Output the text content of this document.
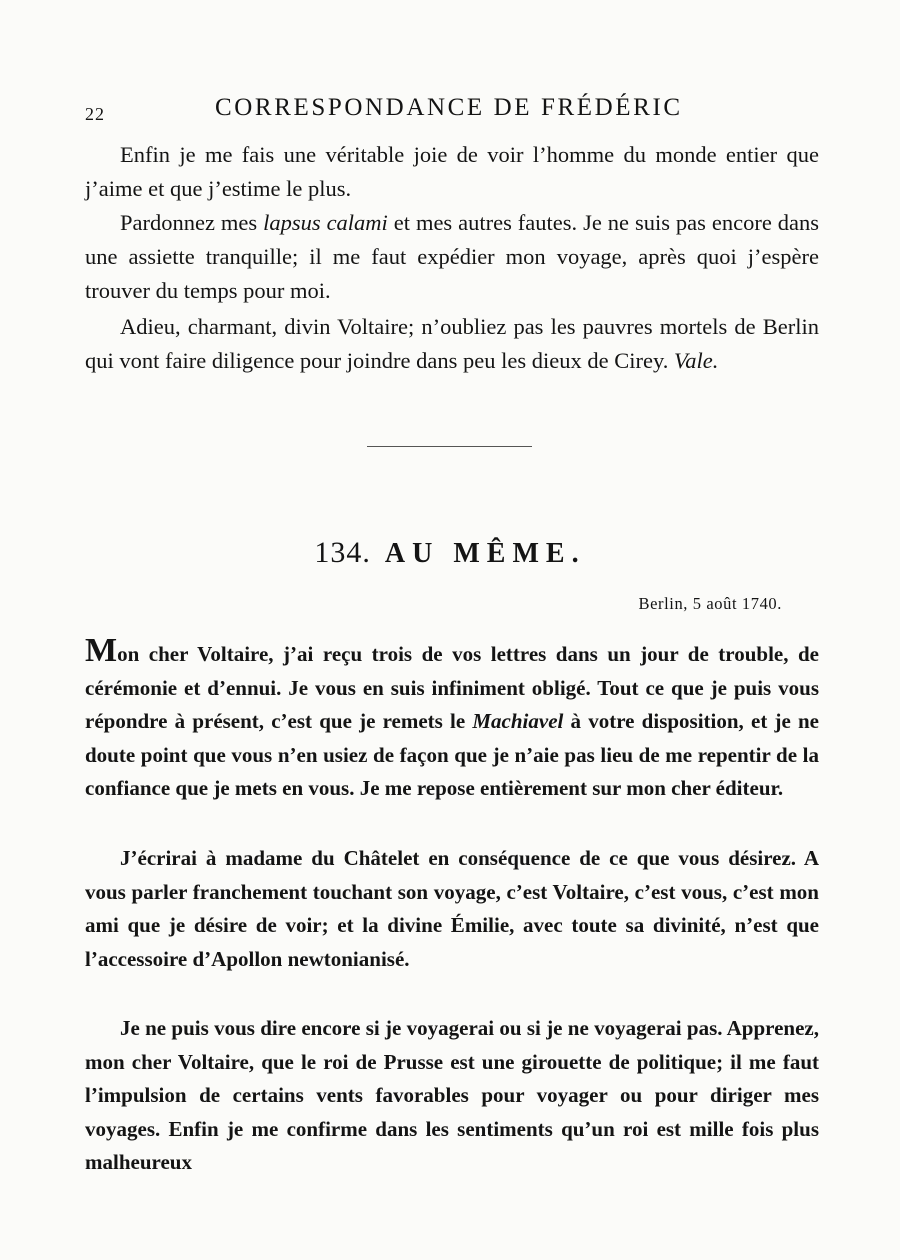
22	CORRESPONDANCE DE FRÉDÉRIC

Enfin je me fais une véritable joie de voir l’homme du monde entier que j’aime et que j’estime le plus.

Pardonnez mes lapsus calami et mes autres fautes. Je ne suis pas encore dans une assiette tranquille; il me faut expédier mon voyage, après quoi j’espère trouver du temps pour moi.

Adieu, charmant, divin Voltaire; n’oubliez pas les pauvres mortels de Berlin qui vont faire diligence pour joindre dans peu les dieux de Cirey. Vale.

134. AU MÊME.
Berlin, 5 août 1740.

Mon cher Voltaire, j’ai reçu trois de vos lettres dans un jour de trouble, de cérémonie et d’ennui. Je vous en suis infiniment obligé. Tout ce que je puis vous répondre à présent, c’est que je remets le Machiavel à votre disposition, et je ne doute point que vous n’en usiez de façon que je n’aie pas lieu de me repentir de la confiance que je mets en vous. Je me repose entièrement sur mon cher éditeur.

J’écrirai à madame du Châtelet en conséquence de ce que vous désirez. A vous parler franchement touchant son voyage, c’est Voltaire, c’est vous, c’est mon ami que je désire de voir; et la divine Émilie, avec toute sa divinité, n’est que l’accessoire d’Apollon newtonianisé.

Je ne puis vous dire encore si je voyagerai ou si je ne voyagerai pas. Apprenez, mon cher Voltaire, que le roi de Prusse est une girouette de politique; il me faut l’impulsion de certains vents favorables pour voyager ou pour diriger mes voyages. Enfin je me confirme dans les sentiments qu’un roi est mille fois plus malheureux
